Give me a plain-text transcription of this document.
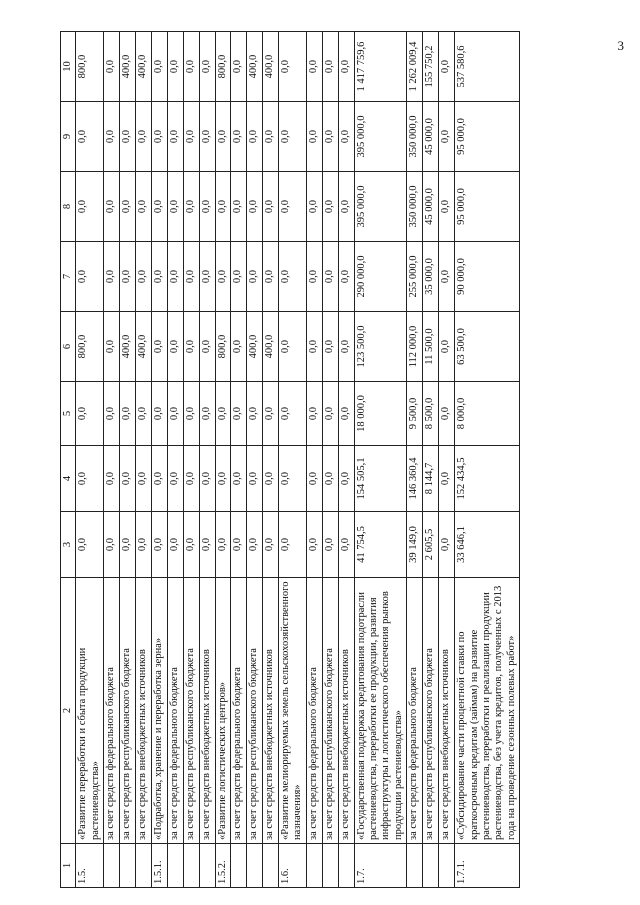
3
1	2	3	4	5	6	7	8	9	10
1.5.	«Развитие переработки и сбыта продукции растениеводства»	0,0	0,0	0,0	800,0	0,0	0,0	0,0	800,0
	за счет средств федерального бюджета	0,0	0,0	0,0	0,0	0,0	0,0	0,0	0,0
	за счет средств республиканского бюджета	0,0	0,0	0,0	400,0	0,0	0,0	0,0	400,0
	за счет средств внебюджетных источников	0,0	0,0	0,0	400,0	0,0	0,0	0,0	400,0
1.5.1.	«Подработка, хранение и переработка зерна»	0,0	0,0	0,0	0,0	0,0	0,0	0,0	0,0
	за счет средств федерального бюджета	0,0	0,0	0,0	0,0	0,0	0,0	0,0	0,0
	за счет средств республиканского бюджета	0,0	0,0	0,0	0,0	0,0	0,0	0,0	0,0
	за счет средств внебюджетных источников	0,0	0,0	0,0	0,0	0,0	0,0	0,0	0,0
1.5.2.	«Развитие логистических центров»	0,0	0,0	0,0	800,0	0,0	0,0	0,0	800,0
	за счет средств федерального бюджета	0,0	0,0	0,0	0,0	0,0	0,0	0,0	0,0
	за счет средств республиканского бюджета	0,0	0,0	0,0	400,0	0,0	0,0	0,0	400,0
	за счет средств внебюджетных источников	0,0	0,0	0,0	400,0	0,0	0,0	0,0	400,0
1.6.	«Развитие мелиорируемых земель сельскохозяйственного назначения»	0,0	0,0	0,0	0,0	0,0	0,0	0,0	0,0
	за счет средств федерального бюджета	0,0	0,0	0,0	0,0	0,0	0,0	0,0	0,0
	за счет средств республиканского бюджета	0,0	0,0	0,0	0,0	0,0	0,0	0,0	0,0
	за счет средств внебюджетных источников	0,0	0,0	0,0	0,0	0,0	0,0	0,0	0,0
1.7.	«Государственная поддержка кредитования подотрасли растениеводства, переработки ее продукции, развития инфраструктуры и логистического обеспечения рынков продукции растениеводства»	41 754,5	154 505,1	18 000,0	123 500,0	290 000,0	395 000,0	395 000,0	1 417 759,6
	за счет средств федерального бюджета	39 149,0	146 360,4	9 500,0	112 000,0	255 000,0	350 000,0	350 000,0	1 262 009,4
	за счет средств республиканского бюджета	2 605,5	8 144,7	8 500,0	11 500,0	35 000,0	45 000,0	45 000,0	155 750,2
	за счет средств внебюджетных источников	0,0	0,0	0,0	0,0	0,0	0,0	0,0	0,0
1.7.1.	«Субсидирование части процентной ставки по краткосрочным кредитам (займам) на развитие растениеводства, переработки и реализации продукции растениеводства, без учета кредитов, полученных с 2013 года на проведение сезонных полевых работ»	33 646,1	152 434,5	8 000,0	63 500,0	90 000,0	95 000,0	95 000,0	537 580,6
